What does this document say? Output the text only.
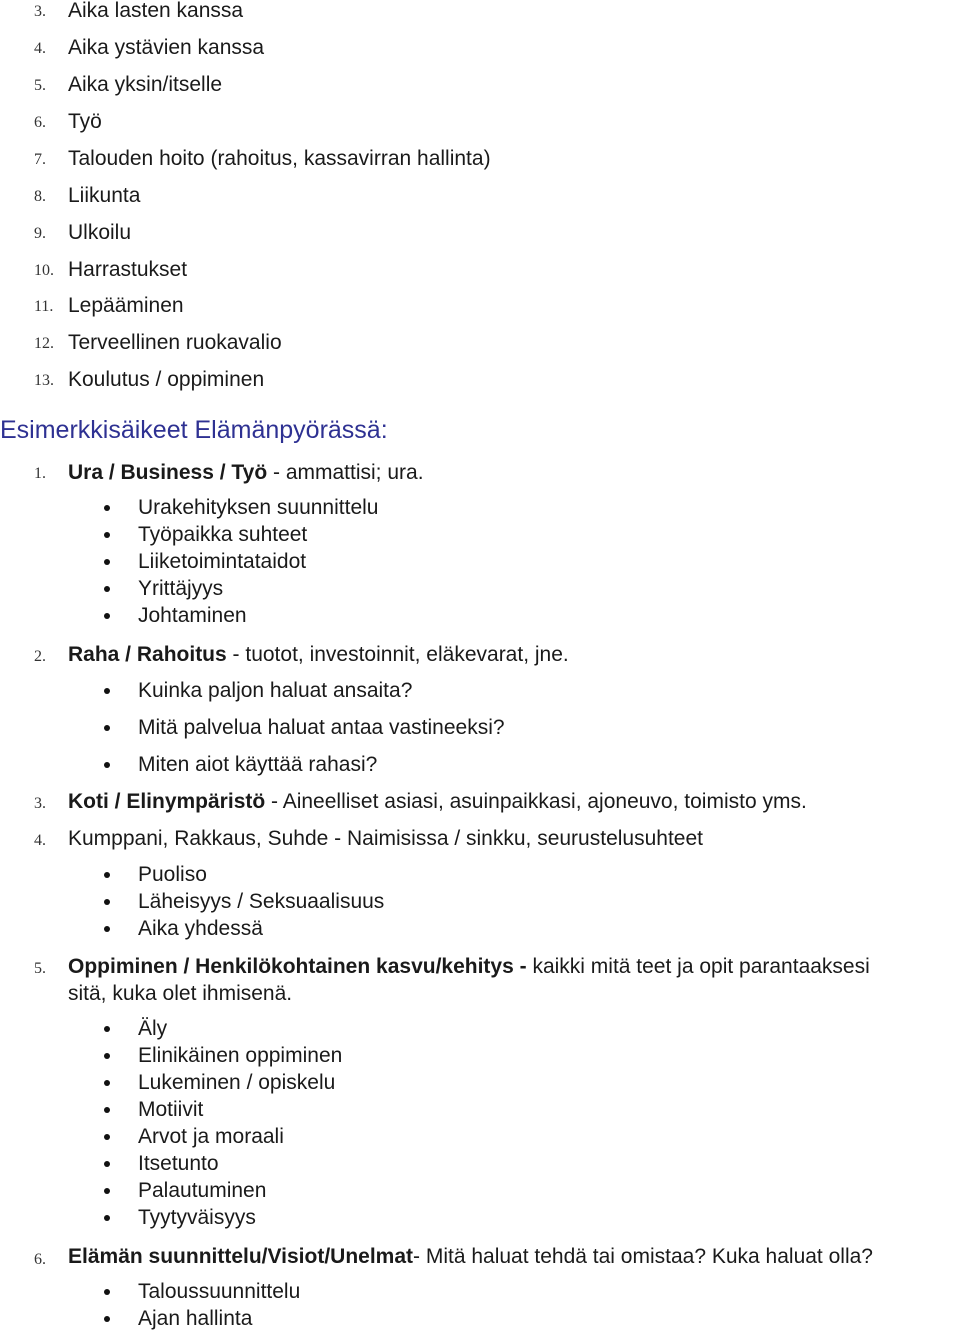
3. Aika lasten kanssa
4. Aika ystävien kanssa
5. Aika yksin/itselle
6. Työ
7. Talouden hoito (rahoitus, kassavirran hallinta)
8. Liikunta
9. Ulkoilu
10. Harrastukset
11. Lepääminen
12. Terveellinen ruokavalio
13. Koulutus / oppiminen
Esimerkkisäikeet Elämänpyörässä:
1. Ura / Business / Työ - ammattisi; ura.
Urakehityksen suunnittelu
Työpaikka suhteet
Liiketoimintataidot
Yrittäjyys
Johtaminen
2. Raha / Rahoitus - tuotot, investoinnit, eläkevarat, jne.
Kuinka paljon haluat ansaita?
Mitä palvelua haluat antaa vastineeksi?
Miten aiot käyttää rahasi?
3. Koti / Elinympäristö - Aineelliset asiasi, asuinpaikkasi, ajoneuvo, toimisto yms.
4. Kumppani, Rakkaus, Suhde - Naimisissa / sinkku, seurustelusuhteet
Puoliso
Läheisyys / Seksuaalisuus
Aika yhdessä
5. Oppiminen / Henkilökohtainen kasvu/kehitys - kaikki mitä teet ja opit parantaaksesi
sitä, kuka olet ihmisenä.
Äly
Elinikäinen oppiminen
Lukeminen / opiskelu
Motiivit
Arvot ja moraali
Itsetunto
Palautuminen
Tyytyväisyys
6. Elämän suunnittelu/Visiot/Unelmat- Mitä haluat tehdä tai omistaa? Kuka haluat olla?
Taloussuunnittelu
Ajan hallinta
